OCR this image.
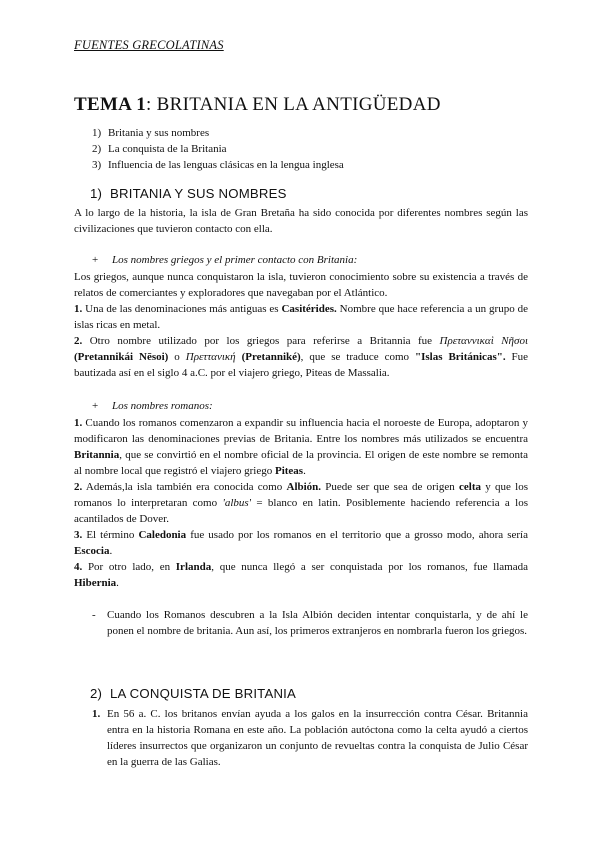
FUENTES GRECOLATINAS
TEMA 1: BRITANIA EN LA ANTIGÜEDAD
1) Britania y sus nombres
2) La conquista de la Britania
3) Influencia de las lenguas clásicas en la lengua inglesa
1) BRITANIA Y SUS NOMBRES
A lo largo de la historia, la isla de Gran Bretaña ha sido conocida por diferentes nombres según las civilizaciones que tuvieron contacto con ella.
+ Los nombres griegos y el primer contacto con Britania:
Los griegos, aunque nunca conquistaron la isla, tuvieron conocimiento sobre su existencia a través de relatos de comerciantes y exploradores que navegaban por el Atlántico.
1. Una de las denominaciones más antiguas es Casitérides. Nombre que hace referencia a un grupo de islas ricas en metal.
2. Otro nombre utilizado por los griegos para referirse a Britannia fue Πρεταννικαὶ Νῆσοι (Pretannikái Nēsoi) o Πρεττανική (Pretanniké), que se traduce como "Islas Británicas". Fue bautizada así en el siglo 4 a.C. por el viajero griego, Piteas de Massalia.
+ Los nombres romanos:
1. Cuando los romanos comenzaron a expandir su influencia hacia el noroeste de Europa, adoptaron y modificaron las denominaciones previas de Britania. Entre los nombres más utilizados se encuentra Britannia, que se convirtió en el nombre oficial de la provincia. El origen de este nombre se remonta al nombre local que registró el viajero griego Piteas.
2. Además,la isla también era conocida como Albión. Puede ser que sea de origen celta y que los romanos lo interpretaran como 'albus' = blanco en latin. Posiblemente haciendo referencia a los acantilados de Dover.
3. El término Caledonia fue usado por los romanos en el territorio que a grosso modo, ahora sería Escocia.
4. Por otro lado, en Irlanda, que nunca llegó a ser conquistada por los romanos, fue llamada Hibernia.
-	Cuando los Romanos descubren a la Isla Albión deciden intentar conquistarla, y de ahí le ponen el nombre de britania. Aun así, los primeros extranjeros en nombrarla fueron los griegos.
2) LA CONQUISTA DE BRITANIA
1. En 56 a. C. los britanos envían ayuda a los galos en la insurrección contra César. Britannia entra en la historia Romana en este año. La población autóctona como la celta ayudó a ciertos líderes insurrectos que organizaron un conjunto de revueltas contra la conquista de Julio César en la guerra de las Galias.
